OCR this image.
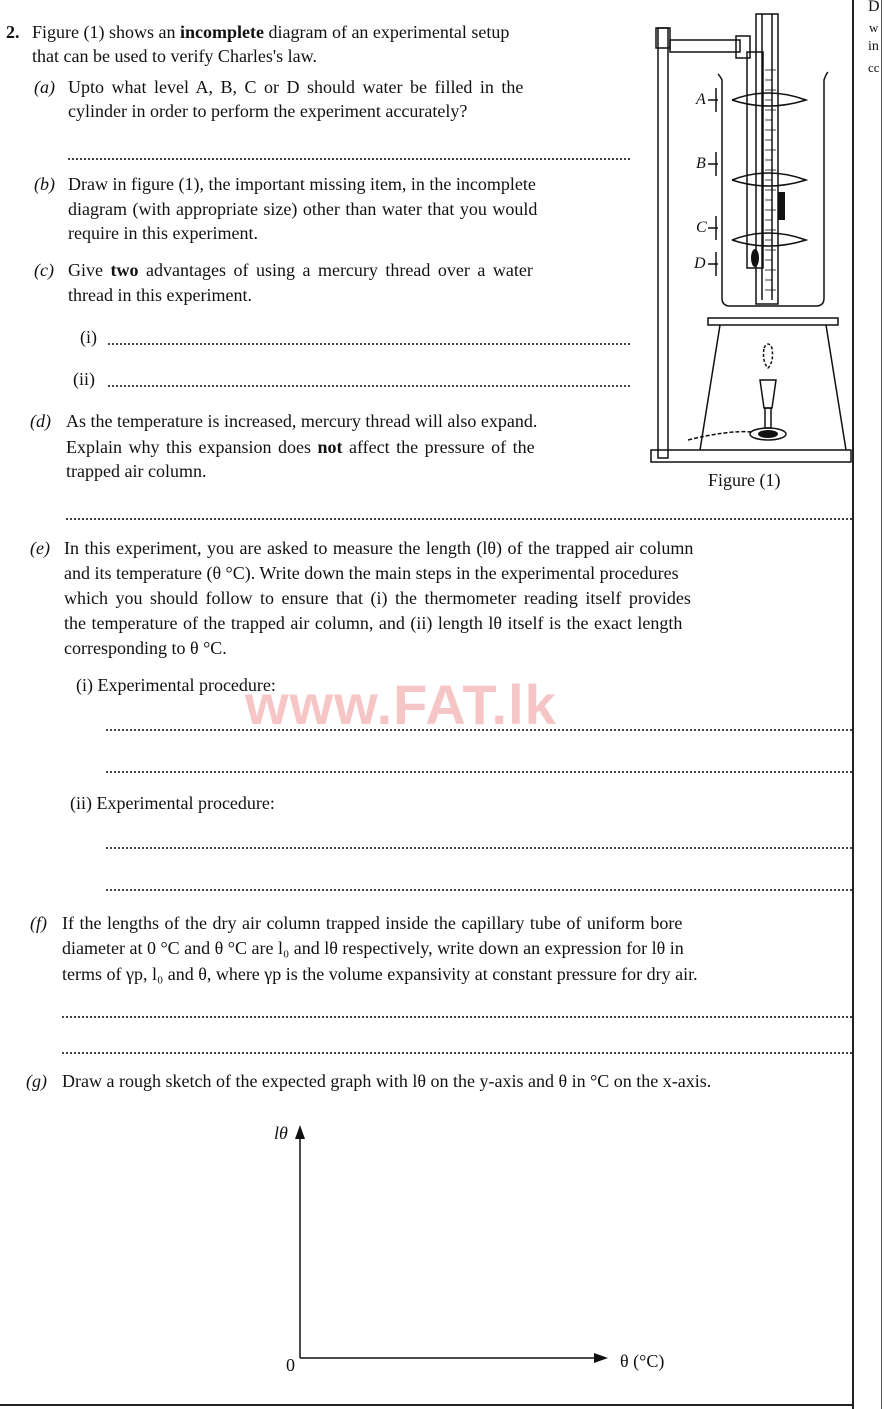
D
w
in
cc
2. Figure (1) shows an incomplete diagram of an experimental setup
that can be used to verify Charles's law.
(a) Upto what level A, B, C or D should water be filled in the
cylinder in order to perform the experiment accurately?
(b) Draw in figure (1), the important missing item, in the incomplete
diagram (with appropriate size) other than water that you would
require in this experiment.
(c) Give two advantages of using a mercury thread over a water
thread in this experiment.
(i)
(ii)
(d) As the temperature is increased, mercury thread will also expand.
Explain why this expansion does not affect the pressure of the
trapped air column.
A
B
C
D
Figure (1)
(e) In this experiment, you are asked to measure the length (lθ) of the trapped air column
and its temperature (θ °C). Write down the main steps in the experimental procedures
which you should follow to ensure that (i) the thermometer reading itself provides
the temperature of the trapped air column, and (ii) length lθ itself is the exact length
corresponding to θ °C.
(i) Experimental procedure:
(ii) Experimental procedure:
www.FAT.lk
(f) If the lengths of the dry air column trapped inside the capillary tube of uniform bore
diameter at 0 °C and θ °C are l₀ and lθ respectively, write down an expression for lθ in
terms of γp, l₀ and θ, where γp is the volume expansivity at constant pressure for dry air.
(g) Draw a rough sketch of the expected graph with lθ on the y-axis and θ in °C on the x-axis.
lθ
θ (°C)
0
